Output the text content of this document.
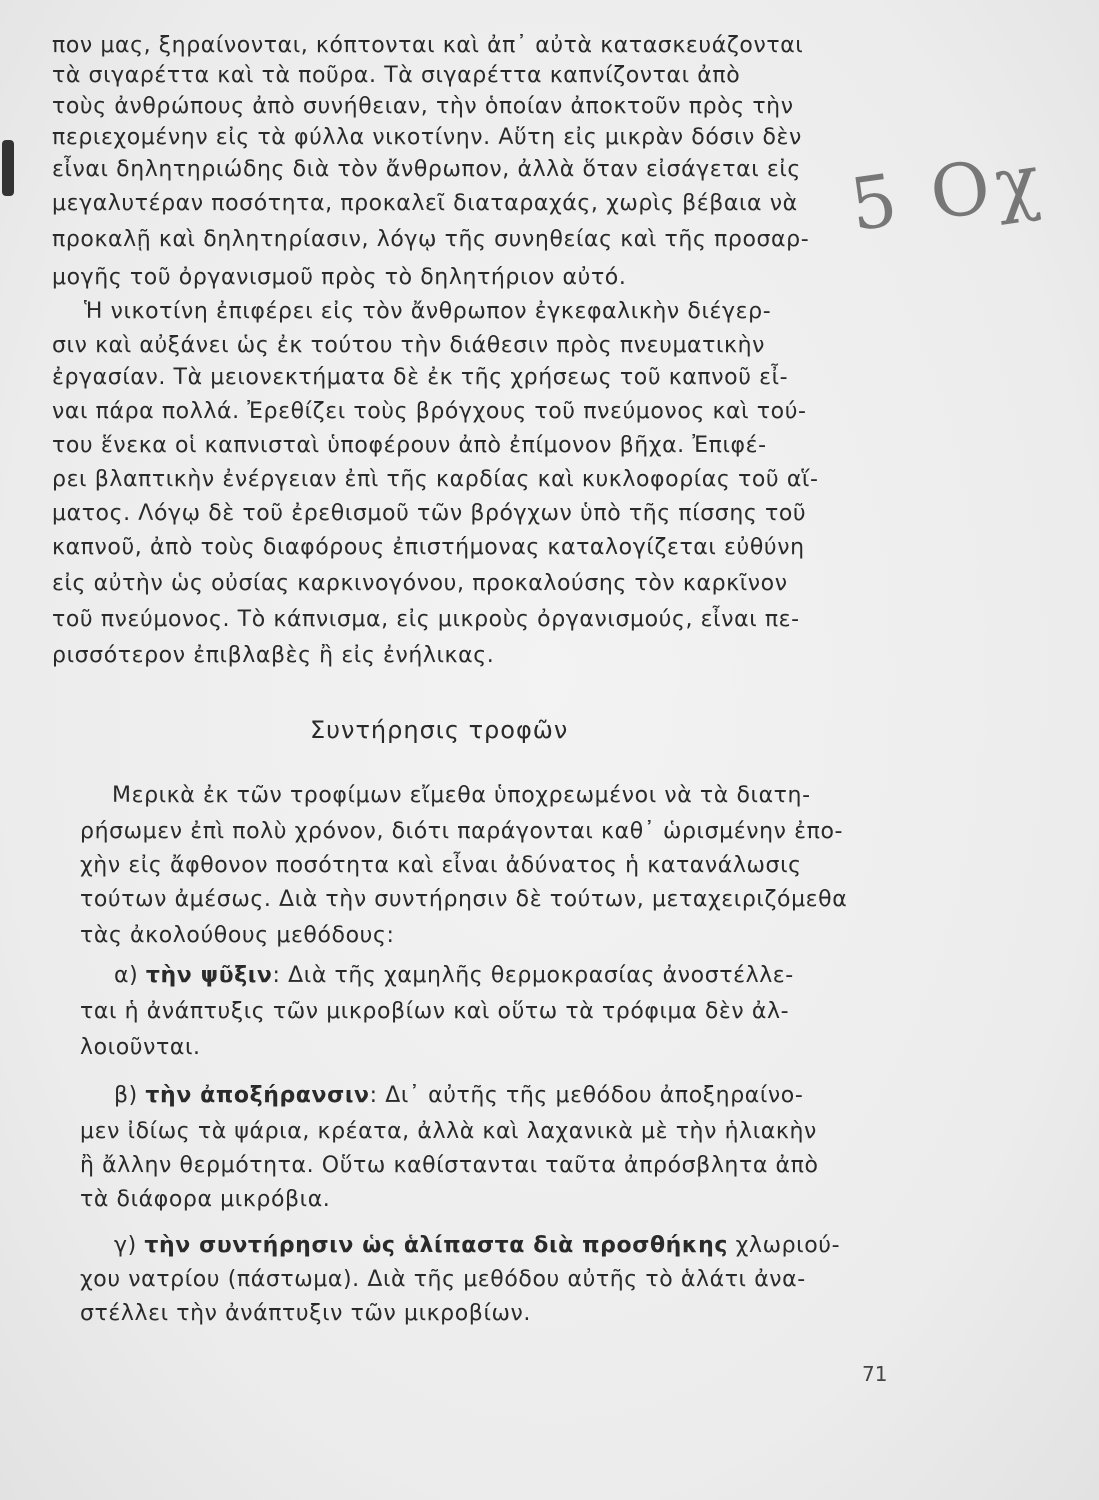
5 Oχ
πον μας, ξηραίνονται, κόπτονται καὶ ἀπ᾽ αὐτὰ κατασκευάζονται
τὰ σιγαρέττα καὶ τὰ ποῦρα. Τὰ σιγαρέττα καπνίζονται ἀπὸ
τοὺς ἀνθρώπους ἀπὸ συνήθειαν, τὴν ὁποίαν ἀποκτοῦν πρὸς τὴν
περιεχομένην εἰς τὰ φύλλα νικοτίνην. Αὕτη εἰς μικρὰν δόσιν δὲν
εἶναι δηλητηριώδης διὰ τὸν ἄνθρωπον, ἀλλὰ ὅταν εἰσάγεται εἰς
μεγαλυτέραν ποσότητα, προκαλεῖ διαταραχάς, χωρὶς βέβαια νὰ
προκαλῇ καὶ δηλητηρίασιν, λόγῳ τῆς συνηθείας καὶ τῆς προσαρ-
μογῆς τοῦ ὀργανισμοῦ πρὸς τὸ δηλητήριον αὐτό.
Ἡ νικοτίνη ἐπιφέρει εἰς τὸν ἄνθρωπον ἐγκεφαλικὴν διέγερ-
σιν καὶ αὐξάνει ὡς ἐκ τούτου τὴν διάθεσιν πρὸς πνευματικὴν
ἐργασίαν. Τὰ μειονεκτήματα δὲ ἐκ τῆς χρήσεως τοῦ καπνοῦ εἶ-
ναι πάρα πολλά. Ἐρεθίζει τοὺς βρόγχους τοῦ πνεύμονος καὶ τού-
του ἕνεκα οἱ καπνισταὶ ὑποφέρουν ἀπὸ ἐπίμονον βῆχα. Ἐπιφέ-
ρει βλαπτικὴν ἐνέργειαν ἐπὶ τῆς καρδίας καὶ κυκλοφορίας τοῦ αἵ-
ματος. Λόγῳ δὲ τοῦ ἐρεθισμοῦ τῶν βρόγχων ὑπὸ τῆς πίσσης τοῦ
καπνοῦ, ἀπὸ τοὺς διαφόρους ἐπιστήμονας καταλογίζεται εὐθύνη
εἰς αὐτὴν ὡς οὐσίας καρκινογόνου, προκαλούσης τὸν καρκῖνον
τοῦ πνεύμονος. Τὸ κάπνισμα, εἰς μικροὺς ὀργανισμούς, εἶναι πε-
ρισσότερον ἐπιβλαβὲς ἢ εἰς ἐνήλικας.
Συντήρησις τροφῶν
Μερικὰ ἐκ τῶν τροφίμων εἴμεθα ὑποχρεωμένοι νὰ τὰ διατη-
ρήσωμεν ἐπὶ πολὺ χρόνον, διότι παράγονται καθ᾽ ὡρισμένην ἐπο-
χὴν εἰς ἄφθονον ποσότητα καὶ εἶναι ἀδύνατος ἡ κατανάλωσις
τούτων ἀμέσως. Διὰ τὴν συντήρησιν δὲ τούτων, μεταχειριζόμεθα
τὰς ἀκολούθους μεθόδους:
α) τὴν ψῦξιν: Διὰ τῆς χαμηλῆς θερμοκρασίας ἀνοστέλλε-
ται ἡ ἀνάπτυξις τῶν μικροβίων καὶ οὕτω τὰ τρόφιμα δὲν ἀλ-
λοιοῦνται.
β) τὴν ἀποξήρανσιν: Δι᾽ αὐτῆς τῆς μεθόδου ἀποξηραίνο-
μεν ἰδίως τὰ ψάρια, κρέατα, ἀλλὰ καὶ λαχανικὰ μὲ τὴν ἡλιακὴν
ἢ ἄλλην θερμότητα. Οὕτω καθίστανται ταῦτα ἀπρόσβλητα ἀπὸ
τὰ διάφορα μικρόβια.
γ) τὴν συντήρησιν ὡς ἁλίπαστα διὰ προσθήκης χλωριού-
χου νατρίου (πάστωμα). Διὰ τῆς μεθόδου αὐτῆς τὸ ἁλάτι ἀνα-
στέλλει τὴν ἀνάπτυξιν τῶν μικροβίων.
71
